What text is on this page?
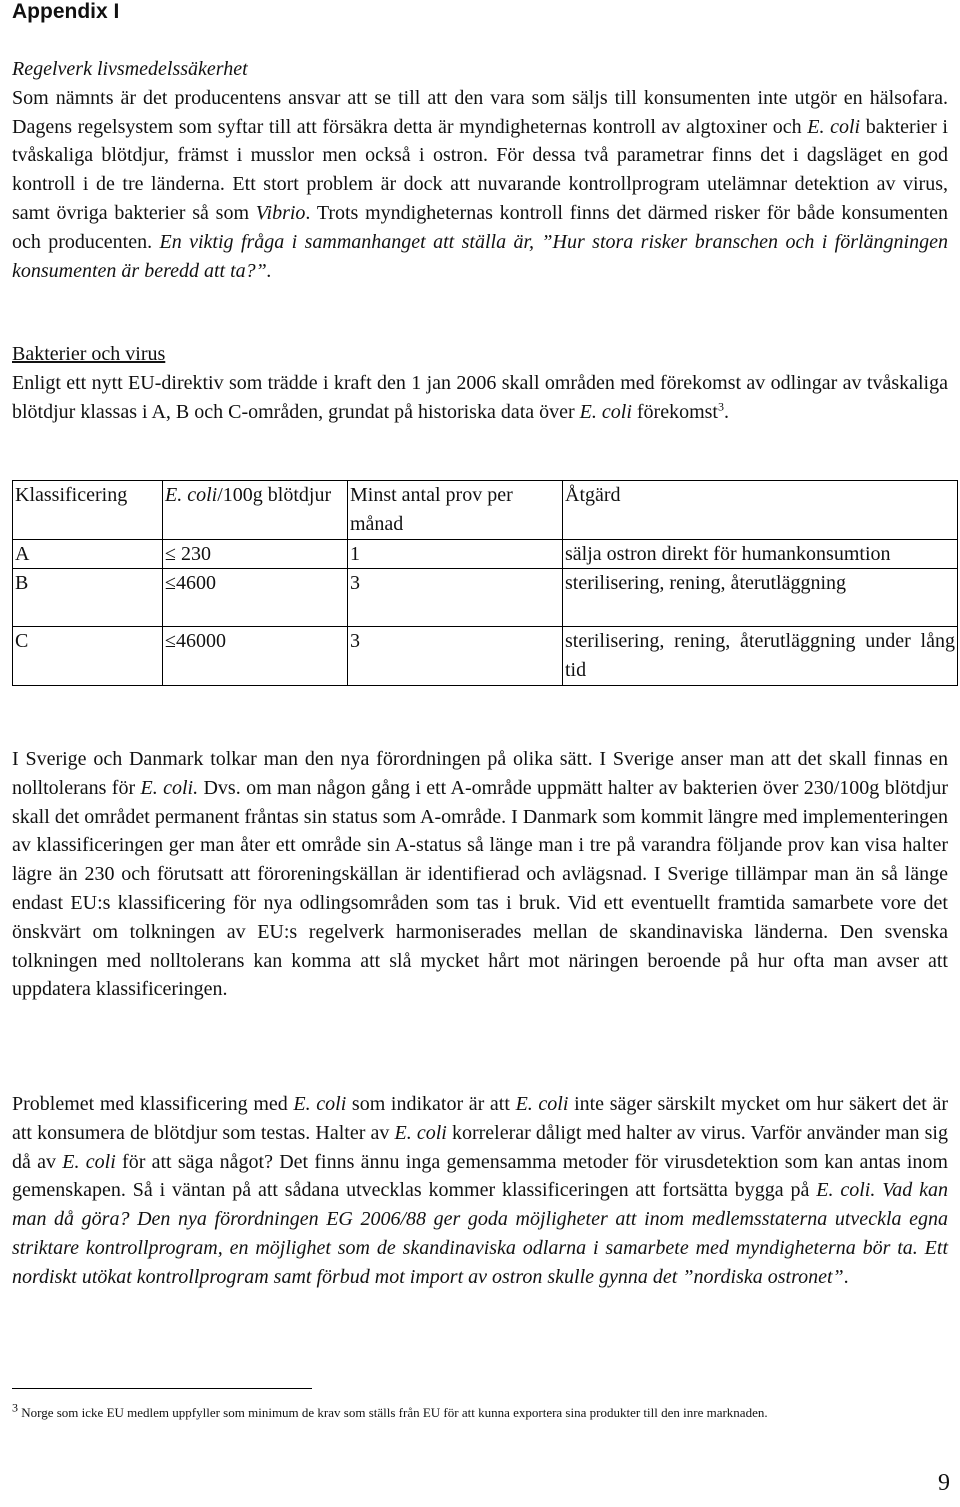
Appendix I

Regelverk livsmedelssäkerhet
Som nämnts är det producentens ansvar att se till att den vara som säljs till konsumenten inte utgör en hälsofara. Dagens regelsystem som syftar till att försäkra detta är myndigheternas kontroll av algtoxiner och E. coli bakterier i tvåskaliga blötdjur, främst i musslor men också i ostron. För dessa två parametrar finns det i dagsläget en god kontroll i de tre länderna. Ett stort problem är dock att nuvarande kontrollprogram utelämnar detektion av virus, samt övriga bakterier så som Vibrio. Trots myndigheternas kontroll finns det därmed risker för både konsumenten och producenten. En viktig fråga i sammanhanget att ställa är, ”Hur stora risker branschen och i förlängningen konsumenten är beredd att ta?”.

Bakterier och virus
Enligt ett nytt EU-direktiv som trädde i kraft den 1 jan 2006 skall områden med förekomst av odlingar av tvåskaliga blötdjur klassas i A, B och C-områden, grundat på historiska data över E. coli förekomst$^3$.

Klassificering	E. coli/100g blötdjur	Minst antal prov per månad	Åtgärd
A	≤ 230	1	sälja ostron direkt för humankonsumtion
B	≤4600	3	sterilisering, rening, återutläggning
C	≤46000	3	sterilisering, rening, återutläggning under lång tid

I Sverige och Danmark tolkar man den nya förordningen på olika sätt. I Sverige anser man att det skall finnas en nolltolerans för E. coli. Dvs. om man någon gång i ett A-område uppmätt halter av bakterien över 230/100g blötdjur skall det området permanent fråntas sin status som A-område. I Danmark som kommit längre med implementeringen av klassificeringen ger man åter ett område sin A-status så länge man i tre på varandra följande prov kan visa halter lägre än 230 och förutsatt att föroreningskällan är identifierad och avlägsnad. I Sverige tillämpar man än så länge endast EU:s klassificering för nya odlingsområden som tas i bruk. Vid ett eventuellt framtida samarbete vore det önskvärt om tolkningen av EU:s regelverk harmoniserades mellan de skandinaviska länderna. Den svenska tolkningen med nolltolerans kan komma att slå mycket hårt mot näringen beroende på hur ofta man avser att uppdatera klassificeringen.

Problemet med klassificering med E. coli som indikator är att E. coli inte säger särskilt mycket om hur säkert det är att konsumera de blötdjur som testas. Halter av E. coli korrelerar dåligt med halter av virus. Varför använder man sig då av E. coli för att säga något? Det finns ännu inga gemensamma metoder för virusdetektion som kan antas inom gemenskapen. Så i väntan på att sådana utvecklas kommer klassificeringen att fortsätta bygga på E. coli. Vad kan man då göra? Den nya förordningen EG 2006/88 ger goda möjligheter att inom medlemsstaterna utveckla egna striktare kontrollprogram, en möjlighet som de skandinaviska odlarna i samarbete med myndigheterna bör ta. Ett nordiskt utökat kontrollprogram samt förbud mot import av ostron skulle gynna det ”nordiska ostronet”.

$^3$ Norge som icke EU medlem uppfyller som minimum de krav som ställs från EU för att kunna exportera sina produkter till den inre marknaden.
9
